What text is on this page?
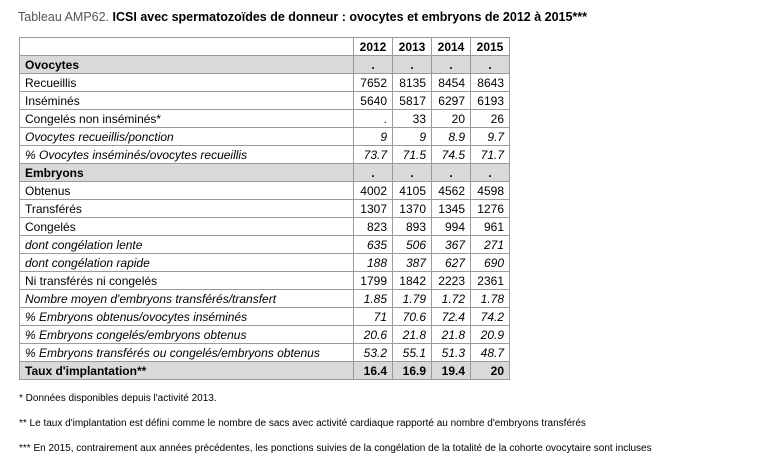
Tableau AMP62. ICSI avec spermatozoïdes de donneur : ovocytes et embryons de 2012 à 2015***
	2012	2013	2014	2015
Ovocytes	.	.	.	.
Recueillis	7652	8135	8454	8643
Inséminés	5640	5817	6297	6193
Congelés non inséminés*	.	33	20	26
Ovocytes recueillis/ponction	9	9	8.9	9.7
% Ovocytes inséminés/ovocytes recueillis	73.7	71.5	74.5	71.7
Embryons	.	.	.	.
Obtenus	4002	4105	4562	4598
Transférés	1307	1370	1345	1276
Congelés	823	893	994	961
dont congélation lente	635	506	367	271
dont congélation rapide	188	387	627	690
Ni transférés ni congelés	1799	1842	2223	2361
Nombre moyen d'embryons transférés/transfert	1.85	1.79	1.72	1.78
% Embryons obtenus/ovocytes inséminés	71	70.6	72.4	74.2
% Embryons congelés/embryons obtenus	20.6	21.8	21.8	20.9
% Embryons transférés ou congelés/embryons obtenus	53.2	55.1	51.3	48.7
Taux d'implantation**	16.4	16.9	19.4	20
* Données disponibles depuis l'activité 2013.
** Le taux d'implantation est défini comme le nombre de sacs avec activité cardiaque rapporté au nombre d'embryons transférés
*** En 2015, contrairement aux années précédentes, les ponctions suivies de la congélation de la totalité de la cohorte ovocytaire sont incluses
